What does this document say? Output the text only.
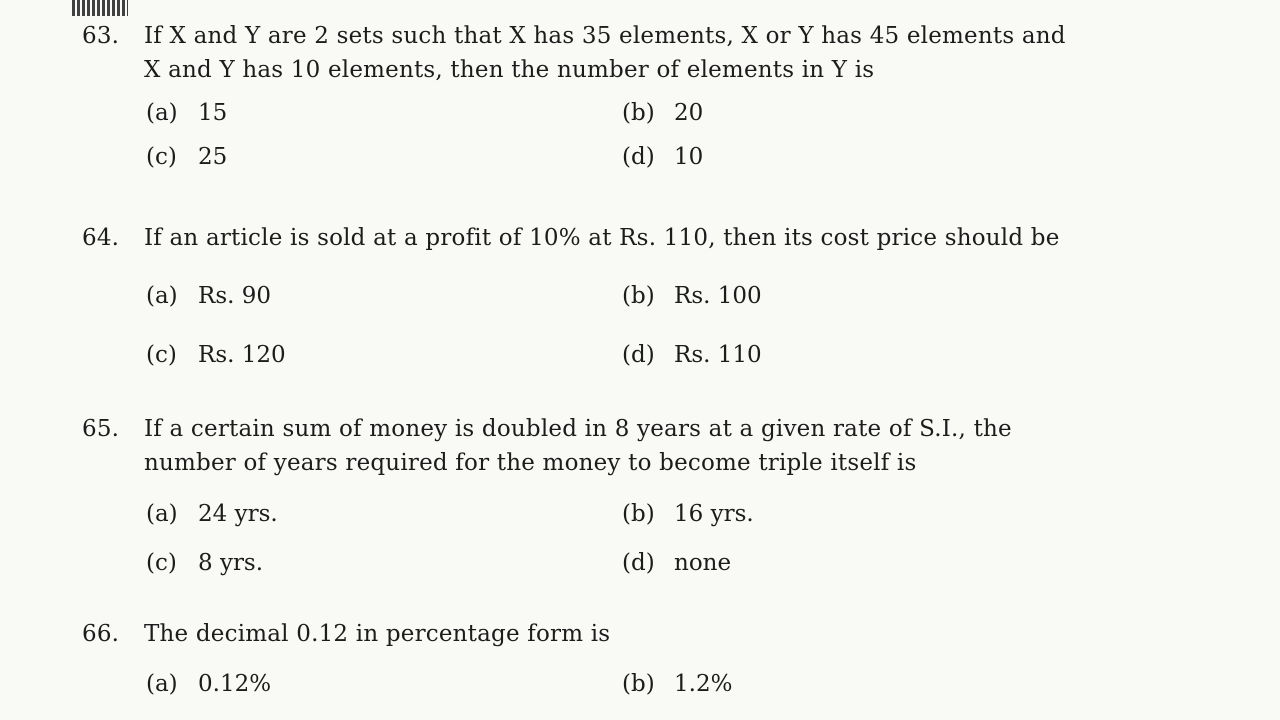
63. If X and Y are 2 sets such that X has 35 elements, X or Y has 45 elements and
X and Y has 10 elements, then the number of elements in Y is
(a) 15	(b) 20
(c) 25	(d) 10
64. If an article is sold at a profit of 10% at Rs. 110, then its cost price should be
(a) Rs. 90	(b) Rs. 100
(c) Rs. 120	(d) Rs. 110
65. If a certain sum of money is doubled in 8 years at a given rate of S.I., the
number of years required for the money to become triple itself is
(a) 24 yrs.	(b) 16 yrs.
(c) 8 yrs.	(d) none
66. The decimal 0.12 in percentage form is
(a) 0.12%	(b) 1.2%
